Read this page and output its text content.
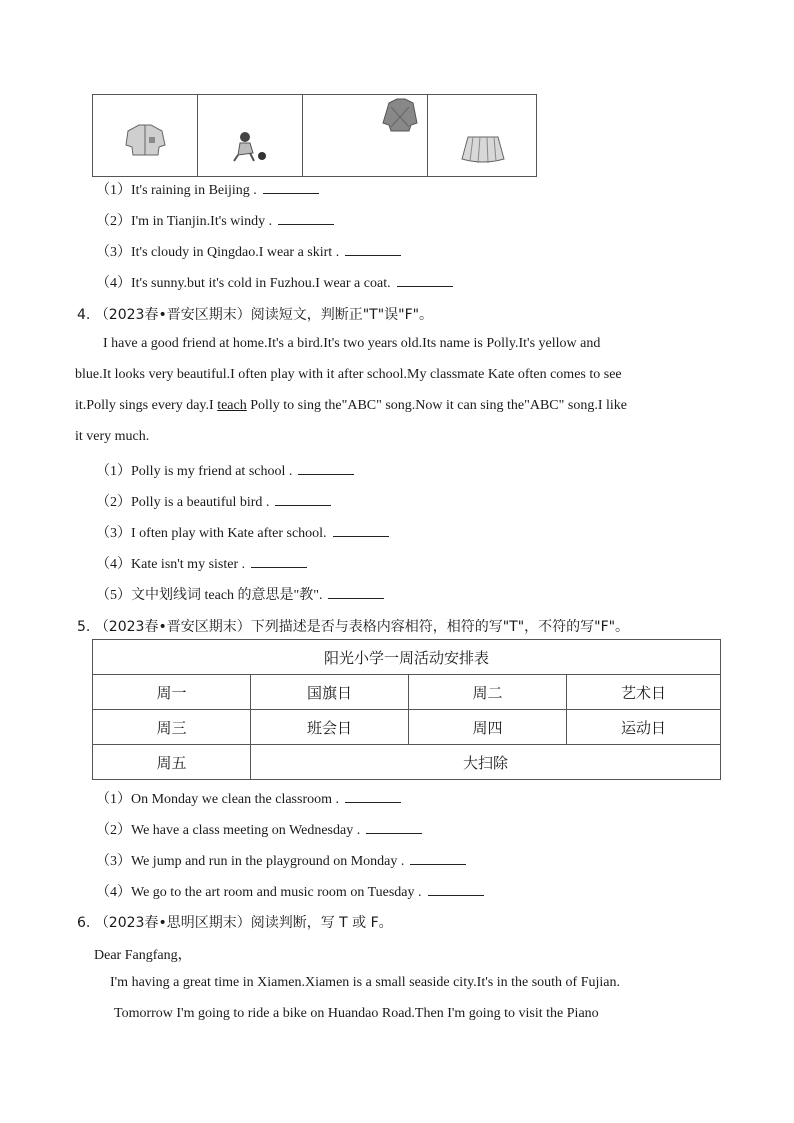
（1）It's raining in Beijing .
（2）I'm in Tianjin.It's windy .
（3）It's cloudy in Qingdao.I wear a skirt .
（4）It's sunny.but it's cold in Fuzhou.I wear a coat.
4. （2023春•晋安区期末）阅读短文，判断正"T"误"F"。
I have a good friend at home.It's a bird.It's two years old.Its name is Polly.It's yellow and
blue.It looks very beautiful.I often play with it after school.My classmate Kate often comes to see
it.Polly sings every day.I teach Polly to sing the"ABC" song.Now it can sing the"ABC" song.I like
it very much.
（1）Polly is my friend at school .
（2）Polly is a beautiful bird .
（3）I often play with Kate after school.
（4）Kate isn't my sister .
（5）文中划线词 teach 的意思是"教".
5. （2023春•晋安区期末）下列描述是否与表格内容相符，相符的写"T"，不符的写"F"。
阳光小学一周活动安排表			
周一	国旗日	周二	艺术日
周三	班会日	周四	运动日
周五	大扫除		
（1）On Monday we clean the classroom .
（2）We have a class meeting on Wednesday .
（3）We jump and run in the playground on Monday .
（4）We go to the art room and music room on Tuesday .
6. （2023春•思明区期末）阅读判断，写 T 或 F。
Dear Fangfang，
I'm having a great time in Xiamen.Xiamen is a small seaside city.It's in the south of Fujian.
Tomorrow I'm going to ride a bike on Huandao Road.Then I'm going to visit the Piano
